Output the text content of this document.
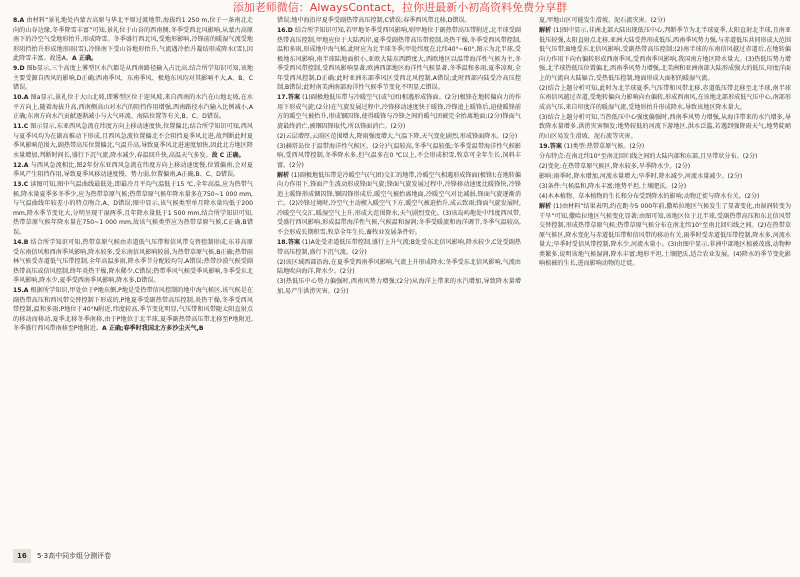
添加老师微信：AlwaysContact，拉你进最新小初高资料免费分享群

8.A 由材料“景礼地处内蒙古高原与华北平原过渡地带,海拔约1 250 m,位于一条南北走向的山谷边缘,冬季降雪丰富”可知,景礼位于山谷的西南侧,冬季受西北风影响,从蒙古高原南下的冷空气受地形抬升,形成降雪。冬季盛行西北风,受地形影响,冷锋前的暖湿气流受地形阻挡抬升形成地形雨(雪),冷锋南下受山谷地形抬升,气流遇冷抬升凝结形成降水(雪),因此降雪丰富。故选A。A 正确。

9.D 图b显示,三个高度上雾型区水汽都是从西南路径输入占比高,结合所学知识可知,该地主要受源自西风的影响,D正确;西南季风、东南季风、极地东风均对其影响不大,A、B、C错误。

10.A 图a显示,景礼位于大山北坡,即雾型区位于迎风坡,来自西南的水汽在山地北坡,在水平方向上,随着海拔升高,西南侧高山对水汽的阻挡作用增强,西南路径水汽输入比例减小,A正确;东南方向水汽贡献逐渐减小与大气环流、海陆位置等有关,B、C、D错误。

11.C 图示显示,东亚西风急流在纬度方向上移动速度快,位置偏北;结合所学知识可知,西风与夏季风均为在副高推动下形成,且西风急流位置偏北不会阻挡夏季风北进,故判断此时夏季风影响范围大,副热带高压位置偏北,气温升高,导致夏季风北进速度加快,因此北方地区降水量增加,判断时间长,盛行下沉气流,降水减少,春温回升快,高温天气多发。故 C 正确。

12.A 与西风急流相比,图2年份东亚西风急流在纬度方向上移动速度慢,位置偏南,会对夏季风产生阻挡作用,导致夏季风移动速度慢、势力弱,位置偏南,A正确,B、C、D错误。

13.C 读图可知,图中气温曲线最低处,即最冷月平均气温低于15 ℃,全年高温,应为热带气候,降水量夏季多冬季少,应为热带草原气候;热带草原气候年降水量多在750~1 000 mm,与气温曲线年较差小的特点吻合,A、D错误;图中显示,该气候类型单月降水量均低于200 mm,降水季节变化大,分明呈现干湿两季,且年降水量低于1 500 mm,结合所学知识可知,热带草原气候年降水量在750~1 000 mm,故该气候类型应为热带草原气候,C正确,B错误。

14.B 结合所学知识可知,热带草原气候由赤道低气压带和信风带交替控制形成;东非高原受东南信风和西南季风影响,降水较多,受东南信风影响较弱,为热带草原气候,B正确;热带雨林气候受赤道低气压带控制,全年高温多雨,降水季节分配较均匀,A错误;热带沙漠气候受副热带高压或信风控制,终年炎热干燥,降水稀少,C错误;热带季风气候受季风影响,冬季受东北季风影响,降水少,夏季受西南季风影响,降水多,D错误。

15.A 根据所学知识,甲处位于P地东侧,P地是受热带信风控制的地中海气候区,该气候是在副热带高压和西风带交替控制下形成的,P地夏季受副热带高压控制,炎热干燥,冬季受西风带控制,温和多雨;P地位于40°N附近,纬度较高,季节变化明显,气压带和风带随太阳直射点的移动而移动,夏季北移冬季南移,由于P地位于北半球,夏季副热带高压带北移至P地附近,冬季盛行西风带南移至P地附近。A 正确;春季时我国北方多沙尘天气,B

错误;地中海沿岸夏季受副热带高压控制,C错误;春季西风带北移,D错误。

16.D 结合所学知识可知,若甲地冬季受西风影响,则甲地位于副热带高压带附近,北半球受副热带高压控制,甲地应位于大陆西岸,夏季受副热带高压带控制,炎热干燥,冬季受西风带控制,温和多雨,形成地中海气候,此时应为北半球冬季;甲处纬度在北纬40°~60°,图示为北半球,受极地东风影响,南半球陆地面积小,亚欧大陆东西跨度大,西欧地区以温带海洋性气候为主,冬季受西风带控制,受西风影响显著;欧洲西部地区海洋性气候显著,冬季温和多雨,夏季凉爽,全年受西风控制,D正确;此时亚洲东部季风区受西北风控制,A错误;此时西部内陆受冷高压控制,B错误;此时南美洲南部海洋性气候季节变化不明显,C错误。

17.答案 (1)副极地低压带与冷暖空气(或气团)相遇形成锋面。(2分)极锋在地转偏向力的作用下形成气旋;(2分)在气旋发展过程中,冷锋移动速度快于暖锋,冷锋追上暖锋后,迫使暖锋前方的暖空气被抬升,形成锢囚锋,使得暖锋与冷锋之间的暖气团被完全抬离地面;(2分)锋面气旋最终消亡,被锢囚锋取代,所以锋面消亡。(2分)

(2)云层增厚,云雨区范围增大,降雨强度增大,气温下降,天气变化剧烈,形成锋面降水。(2分)

(3)赫塔岛位于温带海洋性气候区。(2分)气温较高,冬季气温较低;冬季受温带海洋性气候影响,受西风带控制,冬季降水多,但气温多在0 ℃以上,不会形成积雪,牧草可全年生长,饲料丰富。(2分)

解析 (1)副极地低压带是冷暖空气(气团)交汇的地带,冷暖空气相遇形成锋面(极锋);在地转偏向力作用下,锋面产生波动形成锋面气旋;锋面气旋发展过程中,冷锋移动速度比暖锋快,冷锋追上暖锋形成锢囚锋,锢囚锋形成后,暖空气被抬离地面,冷暖空气对比减弱,锋面气旋逐渐消亡。(2)冷锋过境时,冷空气主动楔入暖空气下方,暖空气被迫抬升,成云致雨;锋面气旋发展时,冷暖空气交汇,暖湿空气上升,形成大范围降水,天气剧烈变化。(3)该岛屿地处中纬度西风带,受盛行西风影响,形成温带海洋性气候,气候温和湿润;冬季受暖流和海洋调节,冬季气温较高,不会形成长期积雪,牧草全年生长,畜牧业发展条件好。

18.答案 (1)A处受赤道低压带控制,盛行上升气流;B处受东北信风影响,降水较少,C处受副热带高压控制,盛行下沉气流。(2分)

(2)该区域西部沿海,在夏季受西南季风影响,气流上升形成降水;冬季受东北信风影响,气流由陆地吹向海洋,降水少。(2分)

(3)热低压中心势力偏强时,西南风势力增强;(2分)从海洋上带来的水汽增加,导致降水量增加,易产生洪涝灾害。(2分)

夏,甲地山区可能发生滑坡、泥石流灾害。(2分)

解析 (1)图中显示,非洲北部大陆出现低压中心,判断季节为北半球夏季,太阳直射北半球,且南亚低压较强,太阳直射点北移,亚洲大陆受热形成低压,西南季风势力强,与赤道低压共同形成大范围低气压带;B地受东北信风影响,受副热带高压控制;(2)南半球的东南信风越过赤道后,在地转偏向力作用下向右偏转形成西南季风,受西南季风影响,我国南方地区降水量大。(3)热低压势力增强,北半球热低压位置偏北,西南季风势力增强,北美洲和亚洲南部大陆形成强大的低压,印度洋面上的气流向大陆辐合,受热低压控制,地面形成大面积的暖湿气流。

(2)结合上题分析可知,此时为北半球夏季,气压带和风带北移,赤道低压带北移至北半球,南半球东南信风越过赤道,受地转偏向力影响向右偏转,形成西南风,在该地北部形成低气压中心,南部形成高气压,来自印度洋的暖湿气流,受地形抬升形成降水,导致该地区降水量大。

(3)结合上题分析可知,当热低压中心强度偏强时,西南季风势力增强,从海洋带来的水汽增多,导致降水量增多,洪涝灾害频发;地势较低的河流下游地区,洪水泛滥,若遇到强降雨天气,地势陡峭的山区易发生滑坡、泥石流等灾害。

19.答案 (1)类型:热带草原气候。(2分)

分布特点:在南北纬10°至南北回归线之间的大陆内部和东部,且呈带状分布。(2分)

(2)变化:在热带草原气候区,降水较多,旱季降水少。(2分)

影响:雨季时,降水增加,河流水量增大;旱季时,降水减少,河流水量减少。(2分)

(3)条件:气候温和,降水丰富;地势平坦,土壤肥沃。(2分)

(4)木本植物、草本植物的生长和分布受到降水的影响;动物迁徙与降水有关。(2分)

解析 (1)由材料“结果表明,约在距今5 000年前,撒哈拉地区气候发生了显著变化,由湿润转变为干旱”可知,撒哈拉地区气候变化显著;由图可知,该地区位于北半球,受副热带高压和东北信风带交替控制,形成热带草原气候;热带草原气候分布在南北纬10°至南北回归线之间。(2)在热带草原气候区,降水变化与赤道低压带和信风带的移动有关,雨季时受赤道低压带控制,降水多,河流水量大;旱季时受信风带控制,降水少,河流水量小。(3)由图中显示,非洲中部地区植被茂盛,动物种类繁多,说明该地气候湿润,降水丰富;地形平坦,土壤肥沃,适合农业发展。(4)降水的季节变化影响植被的生长,进而影响动物的迁徙。

16 5·3高中同步组分测评卷
